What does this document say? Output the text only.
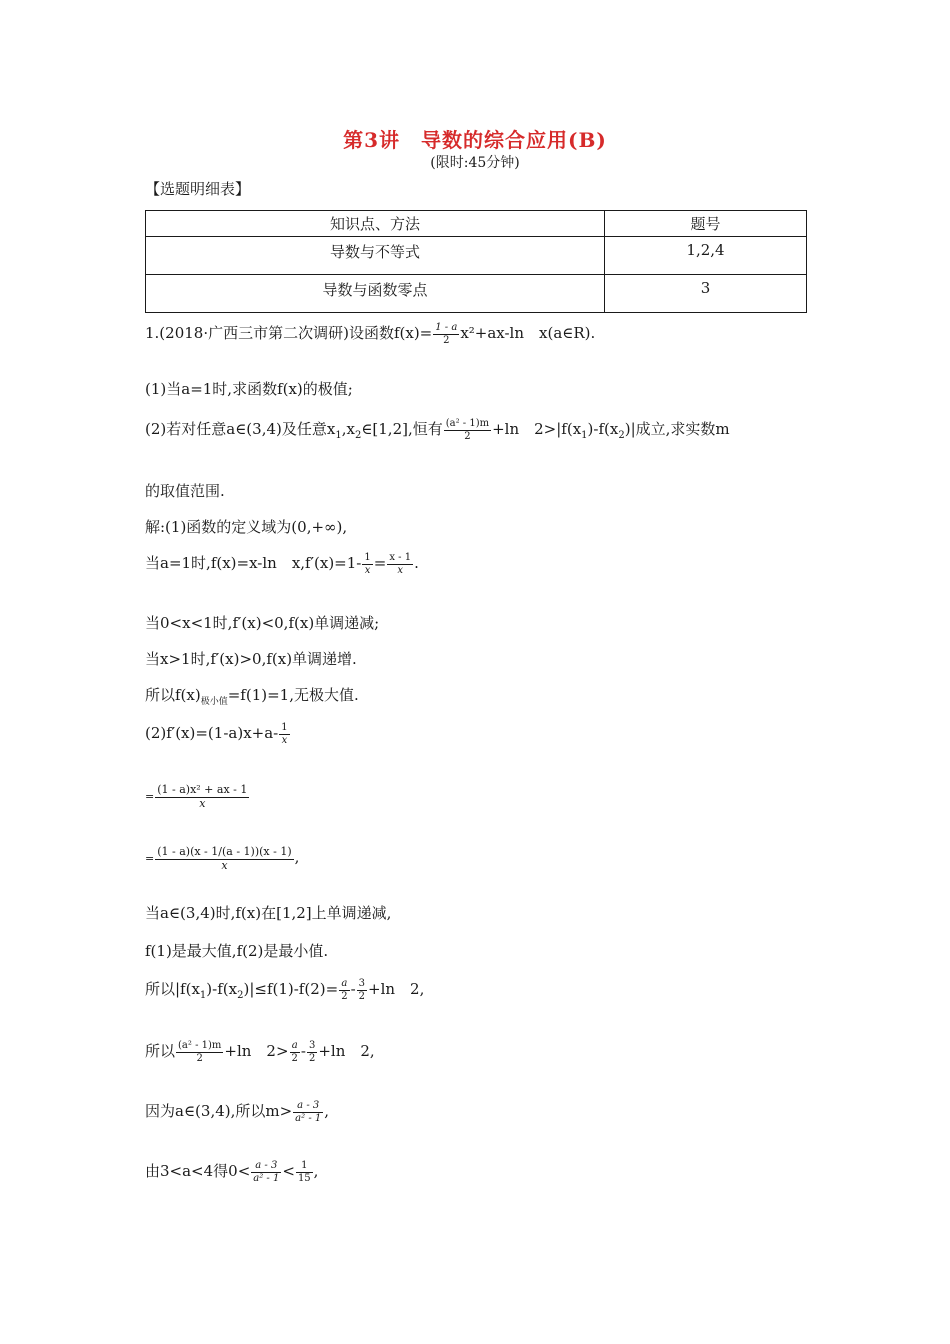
第3讲　导数的综合应用(B)
(限时:45分钟)
【选题明细表】
知识点、方法	题号
导数与不等式	1,2,4
导数与函数零点	3
1.(2018·广西三市第二次调研)设函数$f(x)= \frac{1 - a}{2} x^2+ax-\ln$　x(a∈R).
(1)当a=1时,求函数f(x)的极值;
(2)若对任意a∈(3,4)及任意$x_1,x_2\in[1,2]$,恒有 $\frac{\text{(a² - 1)m}}{2} +\ln$　$2>|f(x_1)-f(x_2)|$成立,求实数m
的取值范围.
解:(1)函数的定义域为(0,+∞),
当a=1时,f(x)=x-ln　$x,f'(x)=1- \frac{1}{x} = \frac{x - 1}{x}$ .
当0<x<1时,f′(x)<0,f(x)单调递减;
当x>1时,f′(x)>0,f(x)单调递增.
所以$f(x)_{极小值}=f(1)=1$,无极大值.
$(2)f'(x)=(1-a)x+a- \frac{1}{x}$
= $\frac{\text{(1 - a)x² + ax - 1}}{x}$
= $\frac{(1 - a)(x - 1/(a - 1))(x - 1)}{x}$ ,
当a∈(3,4)时,f(x)在[1,2]上单调递减,
f(1)是最大值,f(2)是最小值.
所以$|f(x_1)-f(x_2)|\le f(1)-f(2)= \frac{a}{2} - \frac{3}{2} +\ln$　2,
所以 $\frac{\text{(a² - 1)m}}{2} +\ln$　$2> \frac{a}{2} - \frac{3}{2} +\ln$　2,
因为a∈(3,4),所以$m> \frac{a - 3}{\text{a² - 1}}$ ,
由3<a<4得$0< \frac{a - 3}{\text{a² - 1}} < \frac{1}{15}$ ,
